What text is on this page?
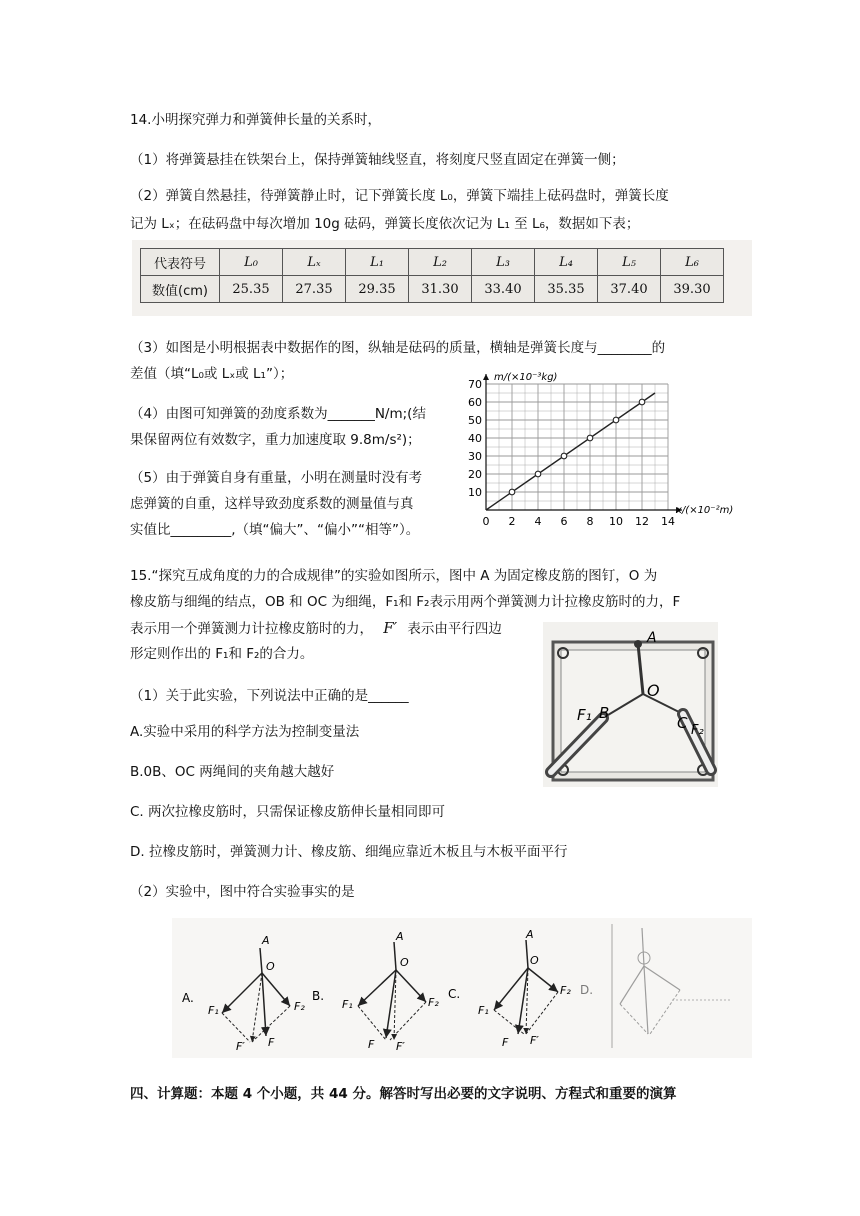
14.小明探究弹力和弹簧伸长量的关系时，
（1）将弹簧悬挂在铁架台上，保持弹簧轴线竖直，将刻度尺竖直固定在弹簧一侧；
（2）弹簧自然悬挂，待弹簧静止时，记下弹簧长度 L₀，弹簧下端挂上砝码盘时，弹簧长度
记为 Lₓ；在砝码盘中每次增加 10g 砝码，弹簧长度依次记为 L₁ 至 L₆，数据如下表；
代表符号	L₀	Lₓ	L₁	L₂	L₃	L₄	L₅	L₆
数值(cm)	25.35	27.35	29.35	31.30	33.40	35.35	37.40	39.30
（3）如图是小明根据表中数据作的图，纵轴是砝码的质量，横轴是弹簧长度与________的
差值（填“L₀或 Lₓ或 L₁”）；
（4）由图可知弹簧的劲度系数为_______N/m;(结
果保留两位有效数字，重力加速度取 9.8m/s²)；
（5）由于弹簧自身有重量，小明在测量时没有考
虑弹簧的自重，这样导致劲度系数的测量值与真
实值比_________,（填“偏大”、“偏小”“相等”）。
0 2 4 6 8 10 12 14
10
20
30
40
50
60
70
m/(×10⁻³kg)
x/(×10⁻²m)
15.“探究互成角度的力的合成规律”的实验如图所示，图中 A 为固定橡皮筋的图钉，O 为
橡皮筋与细绳的结点，OB 和 OC 为细绳，F₁和 F₂表示用两个弹簧测力计拉橡皮筋时的力，F
表示用一个弹簧测力计拉橡皮筋时的力， F′ 表示由平行四边
形定则作出的 F₁和 F₂的合力。
A
O
B
C
F₁
F₂
（1）关于此实验，下列说法中正确的是______
A.实验中采用的科学方法为控制变量法
B.0B、OC 两绳间的夹角越大越好
C. 两次拉橡皮筋时，只需保证橡皮筋伸长量相同即可
D. 拉橡皮筋时，弹簧测力计、橡皮筋、细绳应靠近木板且与木板平面平行
（2）实验中，图中符合实验事实的是
A.
A
O
F₁	F₂
F′ F
B.
A
O
F₁	F₂
F F′
C.
A
O
F₁
F₂
F F′
D.
四、计算题：本题 4 个小题，共 44 分。解答时写出必要的文字说明、方程式和重要的演算
